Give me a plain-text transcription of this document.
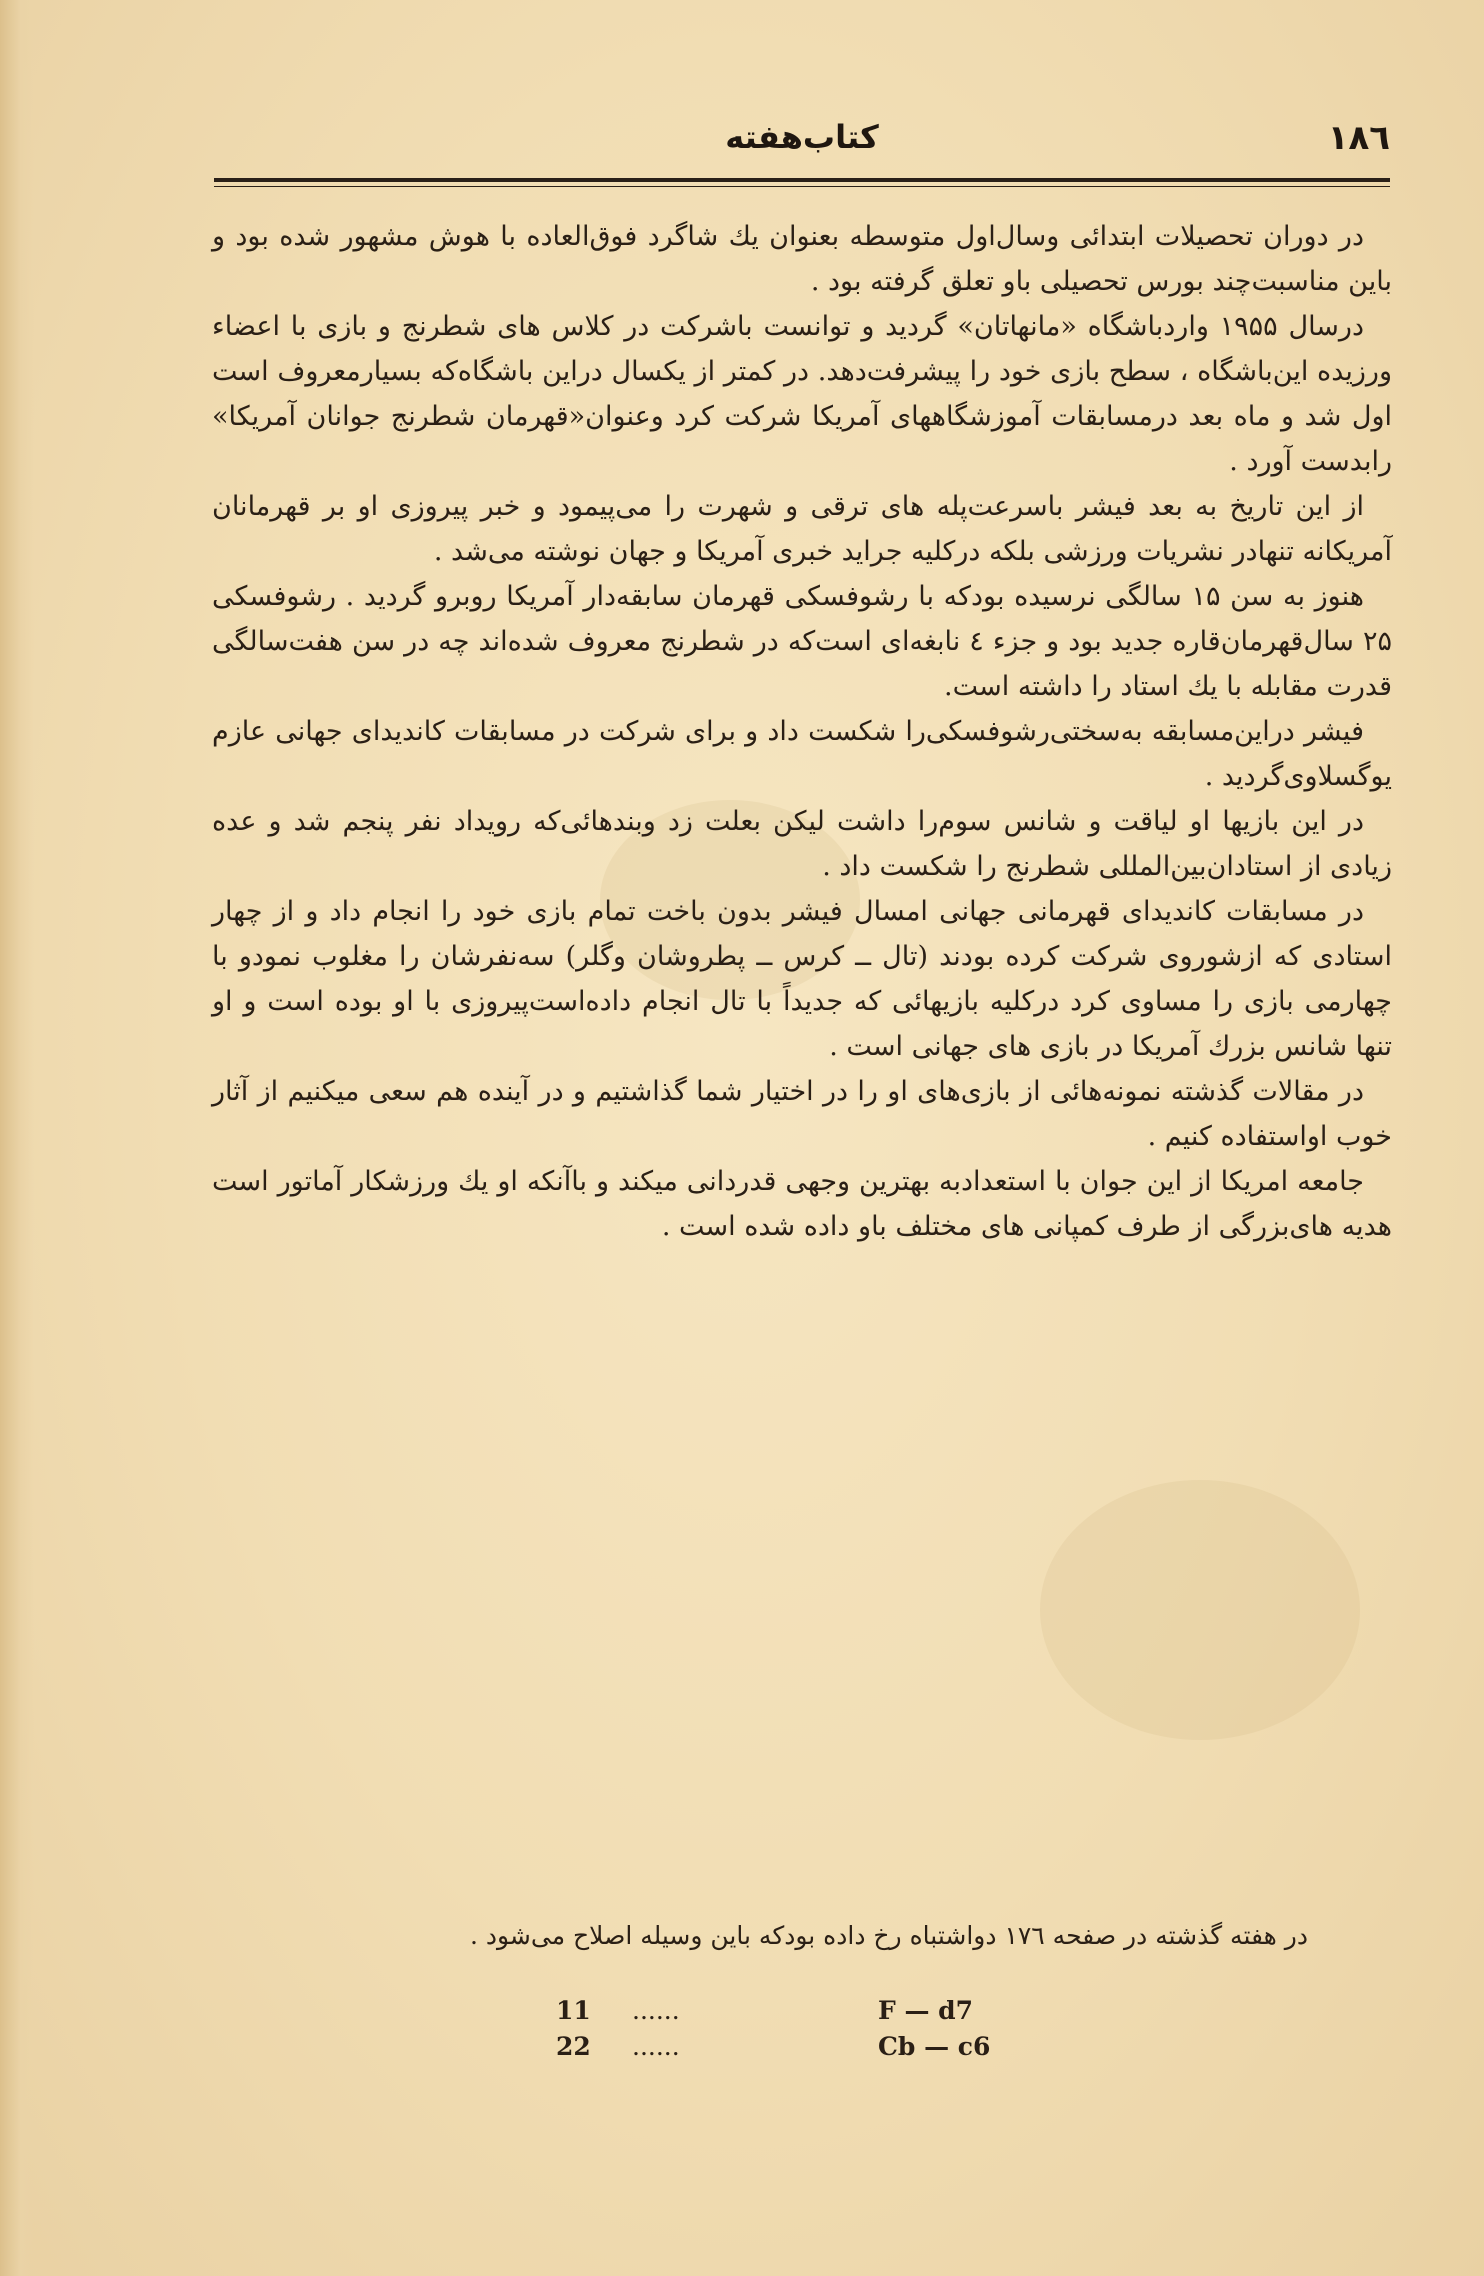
کتاب‌هفته	۱۸٦

در دوران تحصیلات ابتدائی وسال‌اول متوسطه بعنوان یك شاگرد فوق‌العاده با هوش مشهور شده بود و باین مناسبت‌چند بورس تحصیلی باو تعلق گرفته بود .

درسال ۱۹۵۵ واردباشگاه «مانهاتان» گردید و توانست باشرکت در کلاس های شطرنج و بازی با اعضاء ورزیده این‌باشگاه ، سطح بازی خود را پیشرفت‌دهد. در کمتر از یکسال دراین باشگاه‌که بسیارمعروف است اول شد و ماه بعد درمسابقات آموزشگاههای آمریکا شرکت کرد وعنوان«قهرمان شطرنج جوانان آمریکا» رابدست آورد .

از این تاریخ به بعد فیشر باسرعت‌پله های ترقی و شهرت را می‌پیمود و خبر پیروزی او بر قهرمانان آمریکانه تنهادر نشریات ورزشی بلکه درکلیه جراید خبری آمریکا و جهان نوشته می‌شد .

هنوز به سن ۱۵ سالگی نرسیده بودکه با رشوفسکی قهرمان سابقه‌دار آمریکا روبرو گردید . رشوفسکی ۲۵ سال‌قهرمان‌قاره جدید بود و جزء ٤ نابغه‌ای است‌که در شطرنج معروف شده‌اند چه در سن هفت‌سالگی قدرت مقابله با یك استاد را داشته است.

فیشر دراین‌مسابقه به‌سختی‌رشوفسکی‌را شکست داد و برای شرکت در مسابقات کاندیدای جهانی عازم یوگسلاوی‌گردید .

در این بازیها او لیاقت و شانس سوم‌را داشت لیکن بعلت زد وبندهائی‌که رویداد نفر پنجم شد و عده زیادی از استادان‌بین‌المللی شطرنج را شکست داد .

در مسابقات کاندیدای قهرمانی جهانی امسال فیشر بدون باخت تمام بازی خود را انجام داد و از چهار استادی که ازشوروی شرکت کرده بودند (تال ــ کرس ــ پطروشان وگلر) سه‌نفرشان را مغلوب نمودو با چهارمی بازی را مساوی کرد درکلیه بازیهائی که جدیداً با تال انجام داده‌است‌پیروزی با او بوده است و او تنها شانس بزرك آمریکا در بازی های جهانی است .

در مقالات گذشته نمونه‌هائی از بازی‌های او را در اختیار شما گذاشتیم و در آینده هم سعی میکنیم از آثار خوب اواستفاده کنیم .

جامعه امریکا از این جوان با استعدادبه بهترین وجهی قدردانی میکند و باآنکه او یك ورزشکار آماتور است هدیه های‌بزرگی از طرف کمپانی های مختلف باو داده شده است .

در هفته گذشته در صفحه ۱۷٦ دواشتباه رخ داده بودکه باین وسیله اصلاح می‌شود .
11 ......	F — d7
22 ......	Cb — c6
